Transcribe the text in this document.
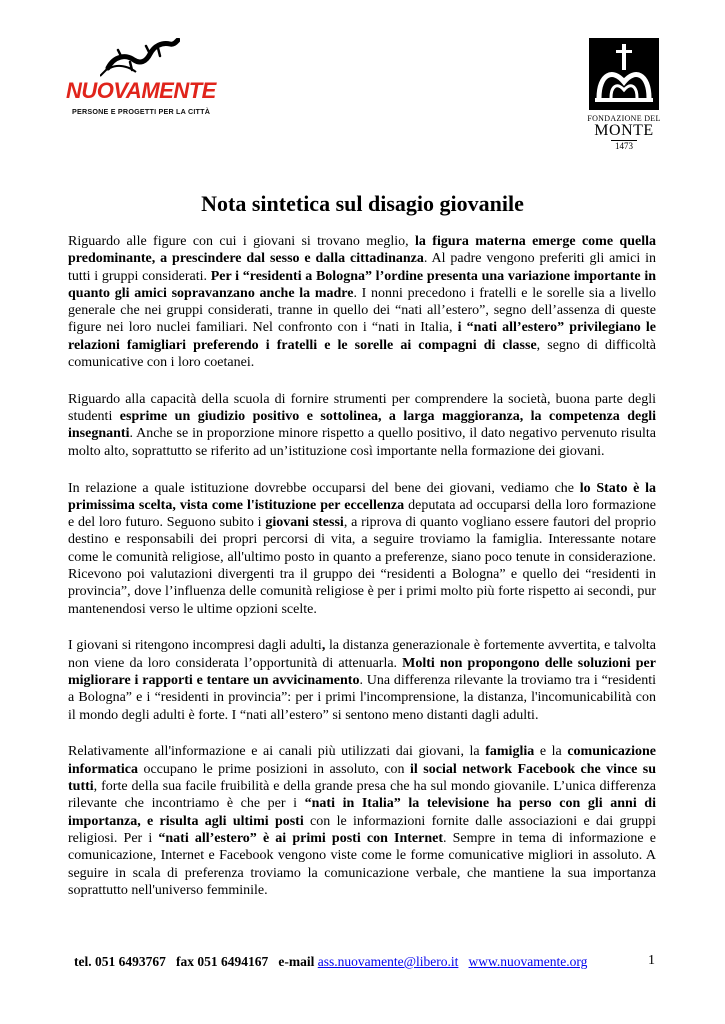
NUOVAMENTE
PERSONE E PROGETTI PER LA CITTÀ
FONDAZIONE DEL
MONTE
1473
Nota sintetica sul disagio giovanile

Riguardo alle figure con cui i giovani si trovano meglio, la figura materna emerge come quella predominante, a prescindere dal sesso e dalla cittadinanza. Al padre vengono preferiti gli amici in tutti i gruppi considerati. Per i “residenti a Bologna” l’ordine presenta una variazione importante in quanto gli amici sopravanzano anche la madre. I nonni precedono i fratelli e le sorelle sia a livello generale che nei gruppi considerati, tranne in quello dei “nati all’estero”, segno dell’assenza di queste figure nei loro nuclei familiari. Nel confronto con i “nati in Italia, i “nati all’estero” privilegiano le relazioni famigliari preferendo i fratelli e le sorelle ai compagni di classe, segno di difficoltà comunicative con i loro coetanei.

Riguardo alla capacità della scuola di fornire strumenti per comprendere la società, buona parte degli studenti esprime un giudizio positivo e sottolinea, a larga maggioranza, la competenza degli insegnanti. Anche se in proporzione minore rispetto a quello positivo, il dato negativo pervenuto risulta molto alto, soprattutto se riferito ad un’istituzione così importante nella formazione dei giovani.

In relazione a quale istituzione dovrebbe occuparsi del bene dei giovani, vediamo che lo Stato è la primissima scelta, vista come l'istituzione per eccellenza deputata ad occuparsi della loro formazione e del loro futuro. Seguono subito i giovani stessi, a riprova di quanto vogliano essere fautori del proprio destino e responsabili dei propri percorsi di vita, a seguire troviamo la famiglia. Interessante notare come le comunità religiose, all'ultimo posto in quanto a preferenze, siano poco tenute in considerazione. Ricevono poi valutazioni divergenti tra il gruppo dei “residenti a Bologna” e quello dei “residenti in provincia”, dove l’influenza delle comunità religiose è per i primi molto più forte rispetto ai secondi, pur mantenendosi verso le ultime opzioni scelte.

I giovani si ritengono incompresi dagli adulti, la distanza generazionale è fortemente avvertita, e talvolta non viene da loro considerata l’opportunità di attenuarla. Molti non propongono delle soluzioni per migliorare i rapporti e tentare un avvicinamento. Una differenza rilevante la troviamo tra i “residenti a Bologna” e i “residenti in provincia”: per i primi l'incomprensione, la distanza, l'incomunicabilità con il mondo degli adulti è forte. I “nati all’estero” si sentono meno distanti dagli adulti.

Relativamente all'informazione e ai canali più utilizzati dai giovani, la famiglia e la comunicazione informatica occupano le prime posizioni in assoluto, con il social network Facebook che vince su tutti, forte della sua facile fruibilità e della grande presa che ha sul mondo giovanile. L’unica differenza rilevante che incontriamo è che per i “nati in Italia” la televisione ha perso con gli anni di importanza, e risulta agli ultimi posti con le informazioni fornite dalle associazioni e dai gruppi religiosi. Per i “nati all’estero” è ai primi posti con Internet. Sempre in tema di informazione e comunicazione, Internet e Facebook vengono viste come le forme comunicative migliori in assoluto. A seguire in scala di preferenza troviamo la comunicazione verbale, che mantiene la sua importanza soprattutto nell'universo femminile.

tel. 051 6493767 fax 051 6494167 e-mail ass.nuovamente@libero.it www.nuovamente.org	1
